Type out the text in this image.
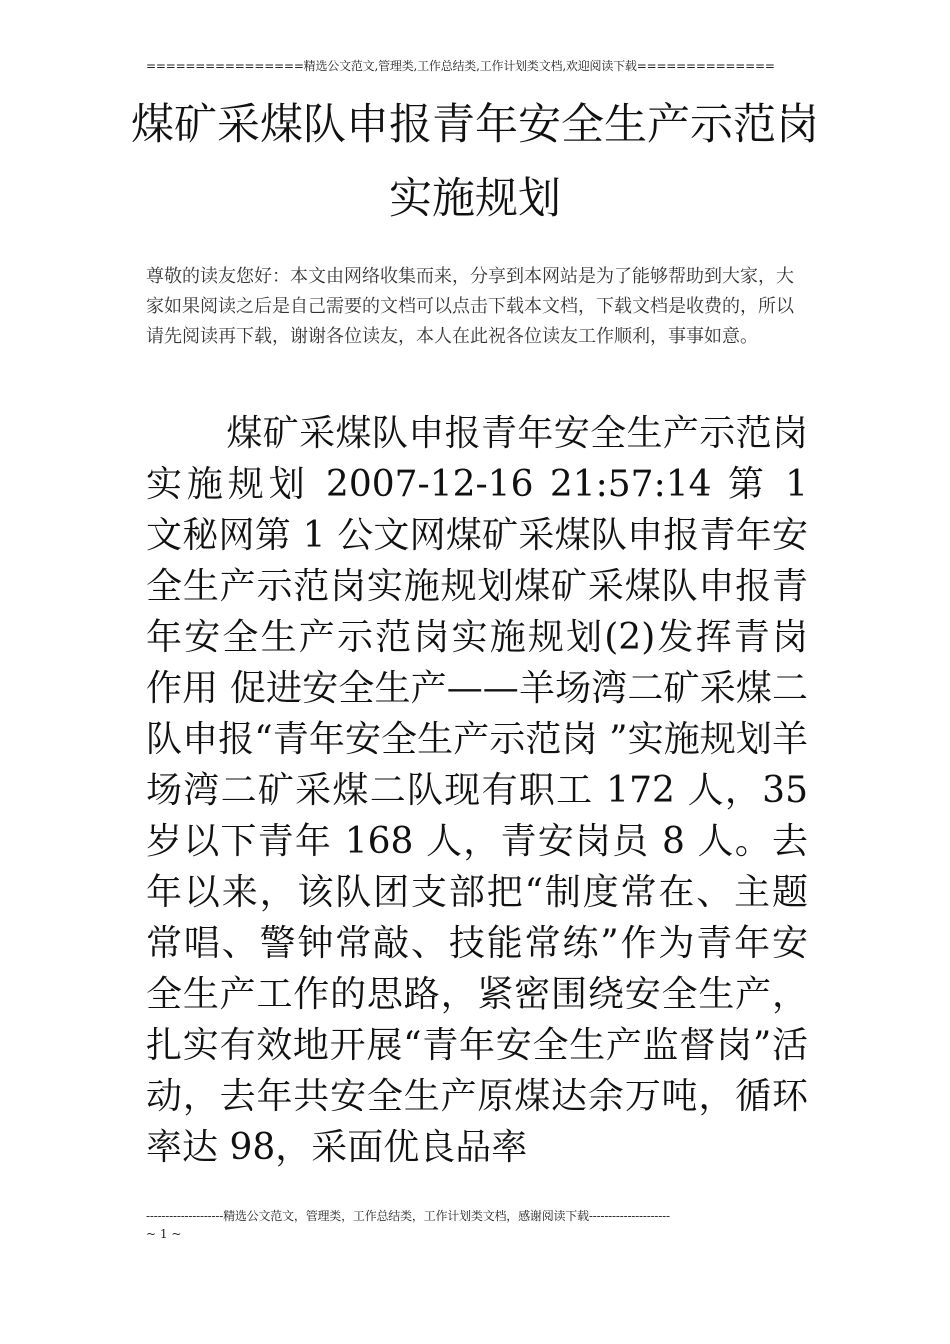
================精选公文范文,管理类,工作总结类,工作计划类文档,欢迎阅读下载==============
煤矿采煤队申报青年安全生产示范岗实施规划
尊敬的读友您好：本文由网络收集而来，分享到本网站是为了能够帮助到大家，大家如果阅读之后是自己需要的文档可以点击下载本文档，下载文档是收费的，所以请先阅读再下载，谢谢各位读友，本人在此祝各位读友工作顺利，事事如意。
煤矿采煤队申报青年安全生产示范岗实施规划 2007-12-16 21:57:14 第 1 文秘网第 1 公文网煤矿采煤队申报青年安全生产示范岗实施规划煤矿采煤队申报青年安全生产示范岗实施规划(2)发挥青岗作用 促进安全生产——羊场湾二矿采煤二队申报“青年安全生产示范岗 ”实施规划羊场湾二矿采煤二队现有职工 172 人，35 岁以下青年 168 人，青安岗员 8 人。去年以来，该队团支部把“制度常在、主题常唱、警钟常敲、技能常练”作为青年安全生产工作的思路，紧密围绕安全生产，扎实有效地开展“青年安全生产监督岗”活动，去年共安全生产原煤达余万吨，循环率达 98，采面优良品率
--------------------精选公文范文，管理类，工作总结类，工作计划类文档，感谢阅读下载---------------------
~ 1 ~
